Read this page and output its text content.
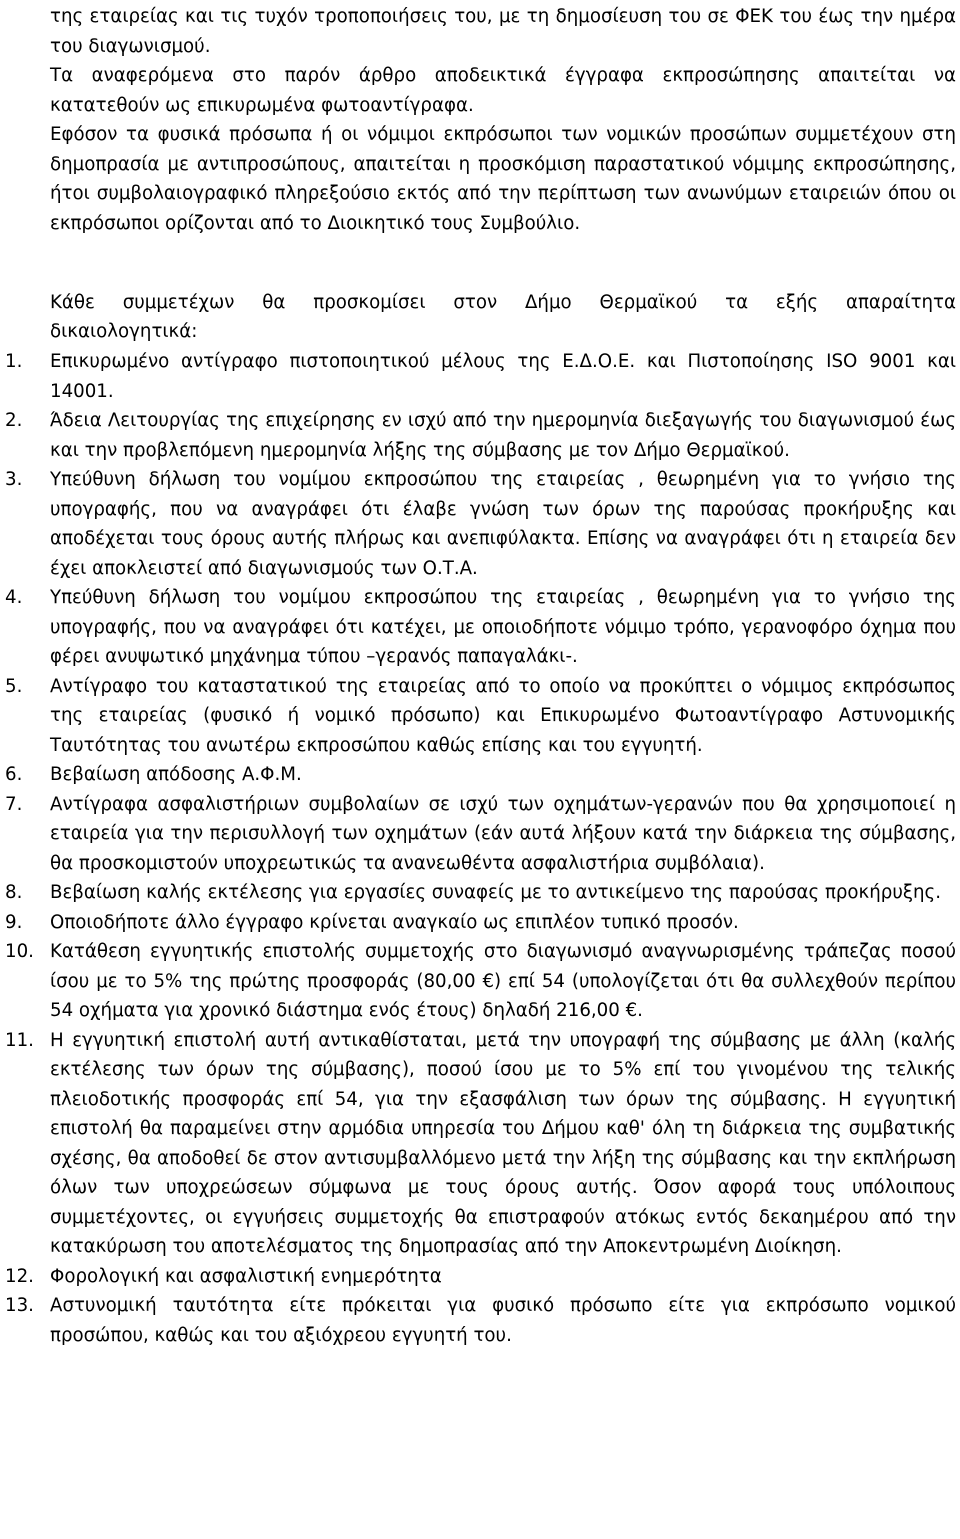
της εταιρείας και τις τυχόν τροποποιήσεις του, με τη δημοσίευση του σε ΦΕΚ του έως την ημέρα του διαγωνισμού.

Τα αναφερόμενα στο παρόν άρθρο αποδεικτικά έγγραφα εκπροσώπησης απαιτείται να κατατεθούν ως επικυρωμένα φωτοαντίγραφα.

Εφόσον τα φυσικά πρόσωπα ή οι νόμιμοι εκπρόσωποι των νομικών προσώπων συμμετέχουν στη δημοπρασία με αντιπροσώπους, απαιτείται η προσκόμιση παραστατικού νόμιμης εκπροσώπησης, ήτοι συμβολαιογραφικό πληρεξούσιο εκτός από την περίπτωση των ανωνύμων εταιρειών όπου οι εκπρόσωποι ορίζονται από το Διοικητικό τους Συμβούλιο.

Κάθε συμμετέχων θα προσκομίσει στον Δήμο Θερμαϊκού τα εξής απαραίτητα

δικαιολογητικά:

1. Επικυρωμένο αντίγραφο πιστοποιητικού μέλους της Ε.Δ.Ο.Ε. και Πιστοποίησης ISO 9001 και 14001.
2. Άδεια Λειτουργίας της επιχείρησης εν ισχύ από την ημερομηνία διεξαγωγής του διαγωνισμού έως και την προβλεπόμενη ημερομηνία λήξης της σύμβασης με τον Δήμο Θερμαϊκού.
3. Υπεύθυνη δήλωση του νομίμου εκπροσώπου της εταιρείας , θεωρημένη για το γνήσιο της υπογραφής, που να αναγράφει ότι έλαβε γνώση των όρων της παρούσας προκήρυξης και αποδέχεται τους όρους αυτής πλήρως και ανεπιφύλακτα. Επίσης να αναγράφει ότι η εταιρεία δεν έχει αποκλειστεί από διαγωνισμούς των Ο.Τ.Α.
4. Υπεύθυνη δήλωση του νομίμου εκπροσώπου της εταιρείας , θεωρημένη για το γνήσιο της υπογραφής, που να αναγράφει ότι κατέχει, με οποιοδήποτε νόμιμο τρόπο, γερανοφόρο όχημα που φέρει ανυψωτικό μηχάνημα τύπου –γερανός παπαγαλάκι-.
5. Αντίγραφο του καταστατικού της εταιρείας από το οποίο να προκύπτει ο νόμιμος εκπρόσωπος της εταιρείας (φυσικό ή νομικό πρόσωπο) και Επικυρωμένο Φωτοαντίγραφο Αστυνομικής Ταυτότητας του ανωτέρω εκπροσώπου καθώς επίσης και του εγγυητή.
6. Βεβαίωση απόδοσης Α.Φ.Μ.
7. Αντίγραφα ασφαλιστήριων συμβολαίων σε ισχύ των οχημάτων-γερανών που θα χρησιμοποιεί η εταιρεία για την περισυλλογή των οχημάτων (εάν αυτά λήξουν κατά την διάρκεια της σύμβασης, θα προσκομιστούν υποχρεωτικώς τα ανανεωθέντα ασφαλιστήρια συμβόλαια).
8. Βεβαίωση καλής εκτέλεσης για εργασίες συναφείς με το αντικείμενο της παρούσας προκήρυξης.
9. Οποιοδήποτε άλλο έγγραφο κρίνεται αναγκαίο ως επιπλέον τυπικό προσόν.
10. Κατάθεση εγγυητικής επιστολής συμμετοχής στο διαγωνισμό αναγνωρισμένης τράπεζας ποσού ίσου με το 5% της πρώτης προσφοράς (80,00 €) επί 54 (υπολογίζεται ότι θα συλλεχθούν περίπου 54 οχήματα για χρονικό διάστημα ενός έτους) δηλαδή 216,00 €.
11. Η εγγυητική επιστολή αυτή αντικαθίσταται, μετά την υπογραφή της σύμβασης με άλλη (καλής εκτέλεσης των όρων της σύμβασης), ποσού ίσου με το 5% επί του γινομένου της τελικής πλειοδοτικής προσφοράς επί 54, για την εξασφάλιση των όρων της σύμβασης. Η εγγυητική επιστολή θα παραμείνει στην αρμόδια υπηρεσία του Δήμου καθ' όλη τη διάρκεια της συμβατικής σχέσης, θα αποδοθεί δε στον αντισυμβαλλόμενο μετά την λήξη της σύμβασης και την εκπλήρωση όλων των υποχρεώσεων σύμφωνα με τους όρους αυτής. Όσον αφορά τους υπόλοιπους συμμετέχοντες, οι εγγυήσεις συμμετοχής θα επιστραφούν ατόκως εντός δεκαημέρου από την κατακύρωση του αποτελέσματος της δημοπρασίας από την Αποκεντρωμένη Διοίκηση.
12. Φορολογική και ασφαλιστική ενημερότητα
13. Αστυνομική ταυτότητα είτε πρόκειται για φυσικό πρόσωπο είτε για εκπρόσωπο νομικού προσώπου, καθώς και του αξιόχρεου εγγυητή του.
